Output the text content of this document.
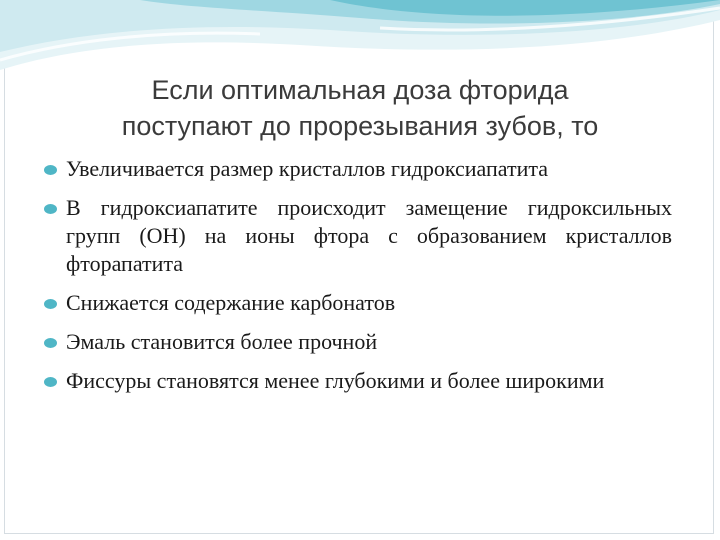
Если оптимальная доза фторида
поступают до прорезывания зубов, то
Увеличивается размер кристаллов гидроксиапатита
В гидроксиапатите происходит замещение гидроксильных групп (OH) на ионы фтора с образованием кристаллов фторапатита
Снижается содержание карбонатов
Эмаль становится более прочной
Фиссуры становятся менее глубокими и более широкими
